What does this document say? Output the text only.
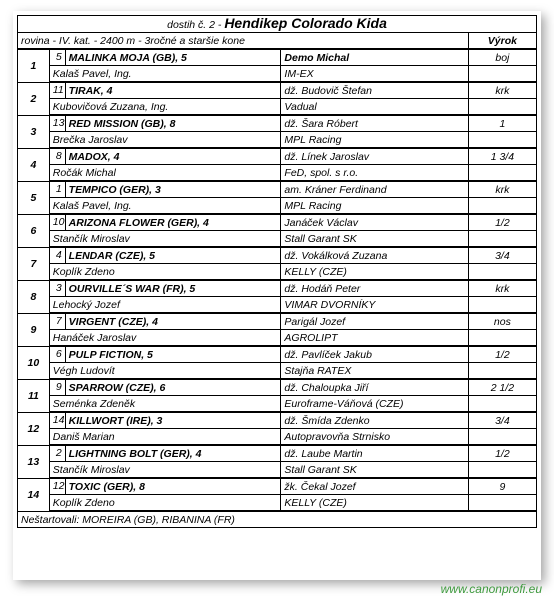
dostih č. 2 - Hendikep Colorado Kida				
rovina - IV. kat. - 2400 m - 3ročné a staršie kone				Výrok
1	5	MALINKA MOJA (GB), 5	Demo Michal	boj
	Kalaš Pavel, Ing.		IM-EX	
2	11	TIRAK, 4	dž. Budovič Štefan	krk
	Kubovičová Zuzana, Ing.		Vadual	
3	13	RED MISSION (GB), 8	dž. Šara Róbert	1
	Brečka Jaroslav		MPL Racing	
4	8	MADOX, 4	dž. Línek Jaroslav	1 3/4
	Ročák Michal		FeD, spol. s r.o.	
5	1	TEMPICO (GER), 3	am. Kráner Ferdinand	krk
	Kalaš Pavel, Ing.		MPL Racing	
6	10	ARIZONA FLOWER (GER), 4	Janáček Václav	1/2
	Stančík Miroslav		Stall Garant SK	
7	4	LENDAR (CZE), 5	dž. Vokálková Zuzana	3/4
	Koplík Zdeno		KELLY (CZE)	
8	3	OURVILLE´S WAR (FR), 5	dž. Hodáň Peter	krk
	Lehocký Jozef		VIMAR DVORNÍKY	
9	7	VIRGENT (CZE), 4	Parigál Jozef	nos
	Hanáček Jaroslav		AGROLIPT	
10	6	PULP FICTION, 5	dž. Pavlíček Jakub	1/2
	Végh Ludovít		Stajňa RATEX	
11	9	SPARROW (CZE), 6	dž. Chaloupka Jiří	2 1/2
	Seménka Zdeněk		Euroframe-Váňová (CZE)	
12	14	KILLWORT (IRE), 3	dž. Šmída Zdenko	3/4
	Daniš Marian		Autopravovňa Strnisko	
13	2	LIGHTNING BOLT (GER), 4	dž. Laube Martin	1/2
	Stančík Miroslav		Stall Garant SK	
14	12	TOXIC (GER), 8	žk. Čekal Jozef	9
	Koplík Zdeno		KELLY (CZE)	
Neštartovali: MOREIRA (GB), RIBANINA (FR)				
www.canonprofi.eu
